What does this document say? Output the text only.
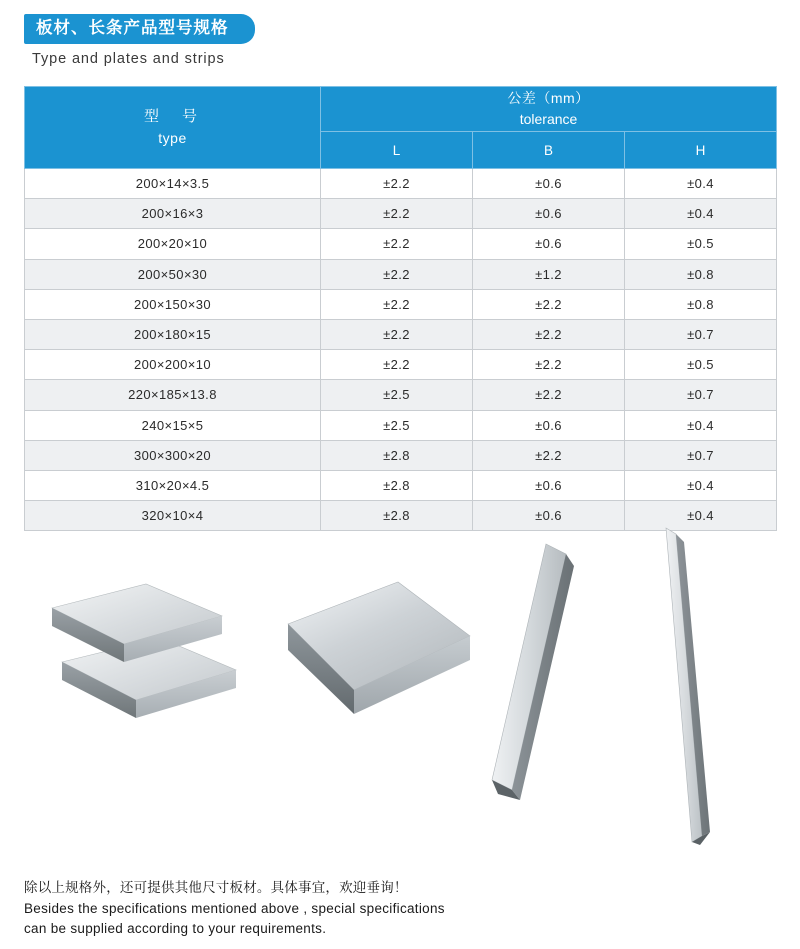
板材、长条产品型号规格
Type and plates and strips
型　号
type	公差（mm）
tolerance		

	L	B	H
200×14×3.5	±2.2	±0.6	±0.4
200×16×3	±2.2	±0.6	±0.4
200×20×10	±2.2	±0.6	±0.5
200×50×30	±2.2	±1.2	±0.8
200×150×30	±2.2	±2.2	±0.8
200×180×15	±2.2	±2.2	±0.7
200×200×10	±2.2	±2.2	±0.5
220×185×13.8	±2.5	±2.2	±0.7
240×15×5	±2.5	±0.6	±0.4
300×300×20	±2.8	±2.2	±0.7
310×20×4.5	±2.8	±0.6	±0.4
320×10×4	±2.8	±0.6	±0.4
除以上规格外，还可提供其他尺寸板材。具体事宜，欢迎垂询！
Besides the specifications mentioned above , special specifications
can be supplied according to your requirements.
